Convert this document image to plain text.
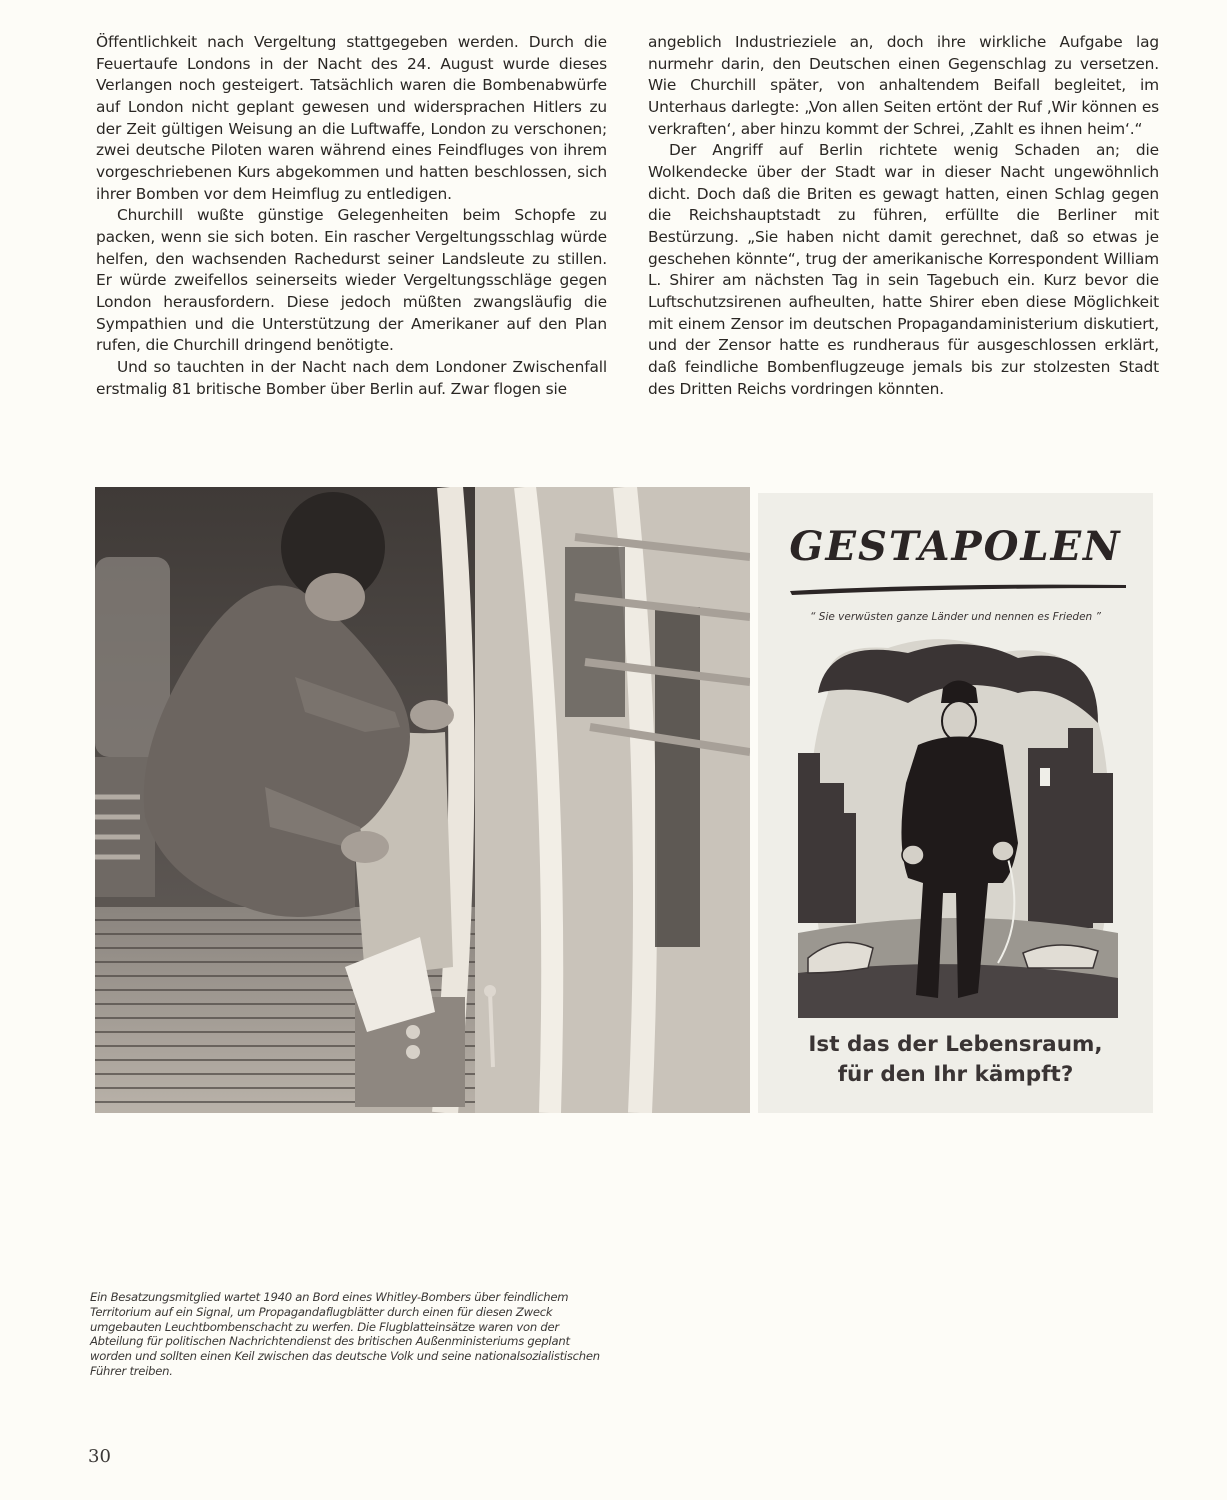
Öffentlichkeit nach Vergeltung stattgegeben werden. Durch die Feuertaufe Londons in der Nacht des 24. August wurde dieses Verlangen noch gesteigert. Tatsächlich waren die Bombenabwürfe auf London nicht geplant gewesen und widersprachen Hitlers zu der Zeit gültigen Weisung an die Luftwaffe, London zu verschonen; zwei deutsche Piloten waren während eines Feindfluges von ihrem vorgeschriebenen Kurs abgekommen und hatten beschlossen, sich ihrer Bomben vor dem Heimflug zu entledigen.

Churchill wußte günstige Gelegenheiten beim Schopfe zu packen, wenn sie sich boten. Ein rascher Vergeltungsschlag würde helfen, den wachsenden Rachedurst seiner Landsleute zu stillen. Er würde zweifellos seinerseits wieder Vergeltungsschläge gegen London herausfordern. Diese jedoch müßten zwangsläufig die Sympathien und die Unterstützung der Amerikaner auf den Plan rufen, die Churchill dringend benötigte.

Und so tauchten in der Nacht nach dem Londoner Zwischenfall erstmalig 81 britische Bomber über Berlin auf. Zwar flogen sie

angeblich Industrieziele an, doch ihre wirkliche Aufgabe lag nurmehr darin, den Deutschen einen Gegenschlag zu versetzen. Wie Churchill später, von anhaltendem Beifall begleitet, im Unterhaus darlegte: „Von allen Seiten ertönt der Ruf ‚Wir können es verkraften‘, aber hinzu kommt der Schrei, ‚Zahlt es ihnen heim‘.“

Der Angriff auf Berlin richtete wenig Schaden an; die Wolkendecke über der Stadt war in dieser Nacht ungewöhnlich dicht. Doch daß die Briten es gewagt hatten, einen Schlag gegen die Reichshauptstadt zu führen, erfüllte die Berliner mit Bestürzung. „Sie haben nicht damit gerechnet, daß so etwas je geschehen könnte“, trug der amerikanische Korrespondent William L. Shirer am nächsten Tag in sein Tagebuch ein. Kurz bevor die Luftschutzsirenen aufheulten, hatte Shirer eben diese Möglichkeit mit einem Zensor im deutschen Propagandaministerium diskutiert, und der Zensor hatte es rundheraus für ausgeschlossen erklärt, daß feindliche Bombenflugzeuge jemals bis zur stolzesten Stadt des Dritten Reichs vordringen könnten.

GESTAPOLEN
“ Sie verwüsten ganze Länder und nennen es Frieden ”
Ist das der Lebensraum,
für den Ihr kämpft?

Ein Besatzungsmitglied wartet 1940 an Bord eines Whitley-Bombers über feindlichem Territorium auf ein Signal, um Propagandaflugblätter durch einen für diesen Zweck umgebauten Leuchtbombenschacht zu werfen. Die Flugblatteinsätze waren von der Abteilung für politischen Nachrichtendienst des britischen Außenministeriums geplant worden und sollten einen Keil zwischen das deutsche Volk und seine nationalsozialistischen Führer treiben.

30
